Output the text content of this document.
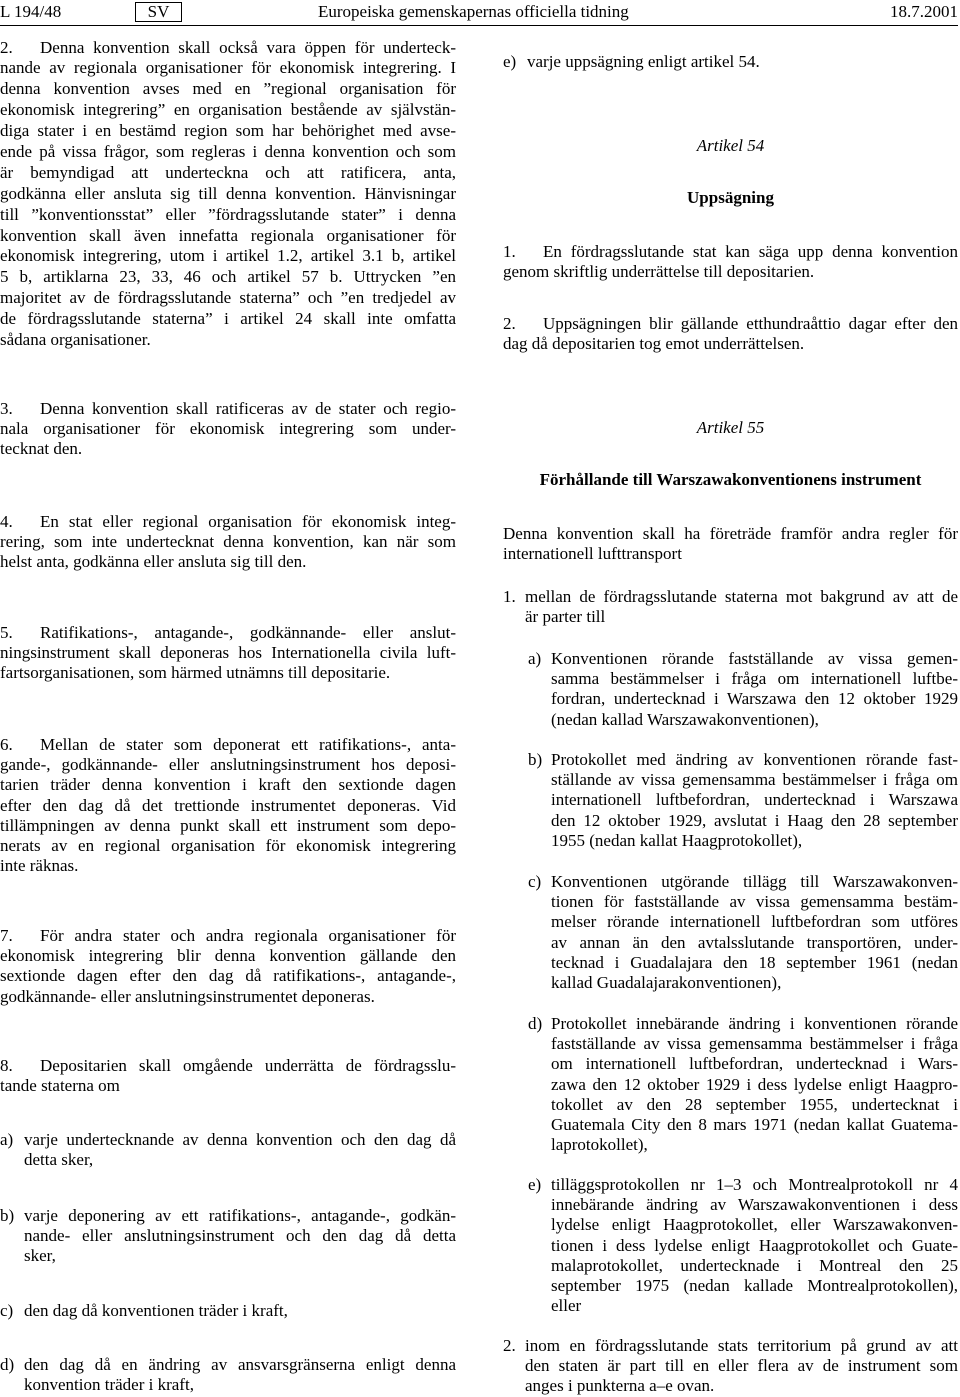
L 194/48	SV	Europeiska gemenskapernas officiella tidning	18.7.2001
2. Denna konvention skall också vara öppen för underteck-
nande av regionala organisationer för ekonomisk integrering. I
denna konvention avses med en ”regional organisation för
ekonomisk integrering” en organisation bestående av självstän-
diga stater i en bestämd region som har behörighet med avse-
ende på vissa frågor, som regleras i denna konvention och som
är bemyndigad att underteckna och att ratificera, anta,
godkänna eller ansluta sig till denna konvention. Hänvisningar
till ”konventionsstat” eller ”fördragsslutande stater” i denna
konvention skall även innefatta regionala organisationer för
ekonomisk integrering, utom i artikel 1.2, artikel 3.1 b, artikel
5 b, artiklarna 23, 33, 46 och artikel 57 b. Uttrycken ”en
majoritet av de fördragsslutande staterna” och ”en tredjedel av
de fördragsslutande staterna” i artikel 24 skall inte omfatta
sådana organisationer.
3. Denna konvention skall ratificeras av de stater och regio-
nala organisationer för ekonomisk integrering som under-
tecknat den.
4. En stat eller regional organisation för ekonomisk integ-
rering, som inte undertecknat denna konvention, kan när som
helst anta, godkänna eller ansluta sig till den.
5. Ratifikations-, antagande-, godkännande- eller anslut-
ningsinstrument skall deponeras hos Internationella civila luft-
fartsorganisationen, som härmed utnämns till depositarie.
6. Mellan de stater som deponerat ett ratifikations-, anta-
gande-, godkännande- eller anslutningsinstrument hos deposi-
tarien träder denna konvention i kraft den sextionde dagen
efter den dag då det trettionde instrumentet deponeras. Vid
tillämpningen av denna punkt skall ett instrument som depo-
nerats av en regional organisation för ekonomisk integrering
inte räknas.
7. För andra stater och andra regionala organisationer för
ekonomisk integrering blir denna konvention gällande den
sextionde dagen efter den dag då ratifikations-, antagande-,
godkännande- eller anslutningsinstrumentet deponeras.
8. Depositarien skall omgående underrätta de fördragsslu-
tande staterna om
a) varje undertecknande av denna konvention och den dag då
detta sker,
b) varje deponering av ett ratifikations-, antagande-, godkän-
nande- eller anslutningsinstrument och den dag då detta
sker,
c) den dag då konventionen träder i kraft,
d) den dag då en ändring av ansvarsgränserna enligt denna
konvention träder i kraft,
e) varje uppsägning enligt artikel 54.
Artikel 54
Uppsägning
1. En fördragsslutande stat kan säga upp denna konvention
genom skriftlig underrättelse till depositarien.
2. Uppsägningen blir gällande etthundraåttio dagar efter den
dag då depositarien tog emot underrättelsen.
Artikel 55
Förhållande till Warszawakonventionens instrument
Denna konvention skall ha företräde framför andra regler för
internationell lufttransport
1. mellan de fördragsslutande staterna mot bakgrund av att de
är parter till
a) Konventionen rörande fastställande av vissa gemen-
samma bestämmelser i fråga om internationell luftbe-
fordran, undertecknad i Warszawa den 12 oktober 1929
(nedan kallad Warszawakonventionen),
b) Protokollet med ändring av konventionen rörande fast-
ställande av vissa gemensamma bestämmelser i fråga om
internationell luftbefordran, undertecknad i Warszawa
den 12 oktober 1929, avslutat i Haag den 28 september
1955 (nedan kallat Haagprotokollet),
c) Konventionen utgörande tillägg till Warszawakonven-
tionen för fastställande av vissa gemensamma bestäm-
melser rörande internationell luftbefordran som utföres
av annan än den avtalsslutande transportören, under-
tecknad i Guadalajara den 18 september 1961 (nedan
kallad Guadalajarakonventionen),
d) Protokollet innebärande ändring i konventionen rörande
fastställande av vissa gemensamma bestämmelser i fråga
om internationell luftbefordran, undertecknad i Wars-
zawa den 12 oktober 1929 i dess lydelse enligt Haagpro-
tokollet av den 28 september 1955, undertecknat i
Guatemala City den 8 mars 1971 (nedan kallat Guatema-
laprotokollet),
e) tilläggsprotokollen nr 1–3 och Montrealprotokoll nr 4
innebärande ändring av Warszawakonventionen i dess
lydelse enligt Haagprotokollet, eller Warszawakonven-
tionen i dess lydelse enligt Haagprotokollet och Guate-
malaprotokollet, undertecknade i Montreal den 25
september 1975 (nedan kallade Montrealprotokollen),
eller
2. inom en fördragsslutande stats territorium på grund av att
den staten är part till en eller flera av de instrument som
anges i punkterna a–e ovan.
